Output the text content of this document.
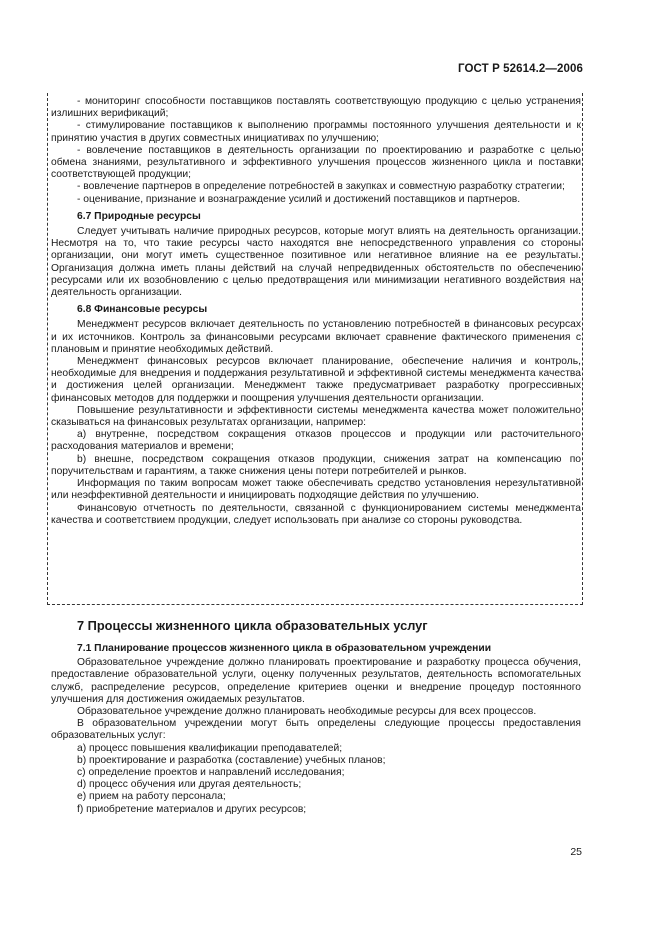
ГОСТ Р 52614.2—2006

- мониторинг способности поставщиков поставлять соответствующую продукцию с целью устранения излишних верификаций;

- стимулирование поставщиков к выполнению программы постоянного улучшения деятельности и к принятию участия в других совместных инициативах по улучшению;

- вовлечение поставщиков в деятельность организации по проектированию и разработке с целью обмена знаниями, результативного и эффективного улучшения процессов жизненного цикла и поставки соответствующей продукции;

- вовлечение партнеров в определение потребностей в закупках и совместную разработку стратегии;

- оценивание, признание и вознаграждение усилий и достижений поставщиков и партнеров.

6.7 Природные ресурсы

Следует учитывать наличие природных ресурсов, которые могут влиять на деятельность организации. Несмотря на то, что такие ресурсы часто находятся вне непосредственного управления со стороны организации, они могут иметь существенное позитивное или негативное влияние на ее результаты. Организация должна иметь планы действий на случай непредвиденных обстоятельств по обеспечению ресурсами или их возобновлению с целью предотвращения или минимизации негативного воздействия на деятельность организации.

6.8 Финансовые ресурсы

Менеджмент ресурсов включает деятельность по установлению потребностей в финансовых ресурсах и их источников. Контроль за финансовыми ресурсами включает сравнение фактического применения с плановым и принятие необходимых действий.

Менеджмент финансовых ресурсов включает планирование, обеспечение наличия и контроль, необходимые для внедрения и поддержания результативной и эффективной системы менеджмента качества и достижения целей организации. Менеджмент также предусматривает разработку прогрессивных финансовых методов для поддержки и поощрения улучшения деятельности организации.

Повышение результативности и эффективности системы менеджмента качества может положительно сказываться на финансовых результатах организации, например:

а) внутренне, посредством сокращения отказов процессов и продукции или расточительного расходования материалов и времени;

b) внешне, посредством сокращения отказов продукции, снижения затрат на компенсацию по поручительствам и гарантиям, а также снижения цены потери потребителей и рынков.

Информация по таким вопросам может также обеспечивать средство установления нерезультативной или неэффективной деятельности и инициировать подходящие действия по улучшению.

Финансовую отчетность по деятельности, связанной с функционированием системы менеджмента качества и соответствием продукции, следует использовать при анализе со стороны руководства.

7 Процессы жизненного цикла образовательных услуг
7.1 Планирование процессов жизненного цикла в образовательном учреждении

Образовательное учреждение должно планировать проектирование и разработку процесса обучения, предоставление образовательной услуги, оценку полученных результатов, деятельность вспомогательных служб, распределение ресурсов, определение критериев оценки и внедрение процедур постоянного улучшения для достижения ожидаемых результатов.

Образовательное учреждение должно планировать необходимые ресурсы для всех процессов.

В образовательном учреждении могут быть определены следующие процессы предоставления образовательных услуг:

а) процесс повышения квалификации преподавателей;

b) проектирование и разработка (составление) учебных планов;

c) определение проектов и направлений исследования;

d) процесс обучения или другая деятельность;

e) прием на работу персонала;

f) приобретение материалов и других ресурсов;

25
